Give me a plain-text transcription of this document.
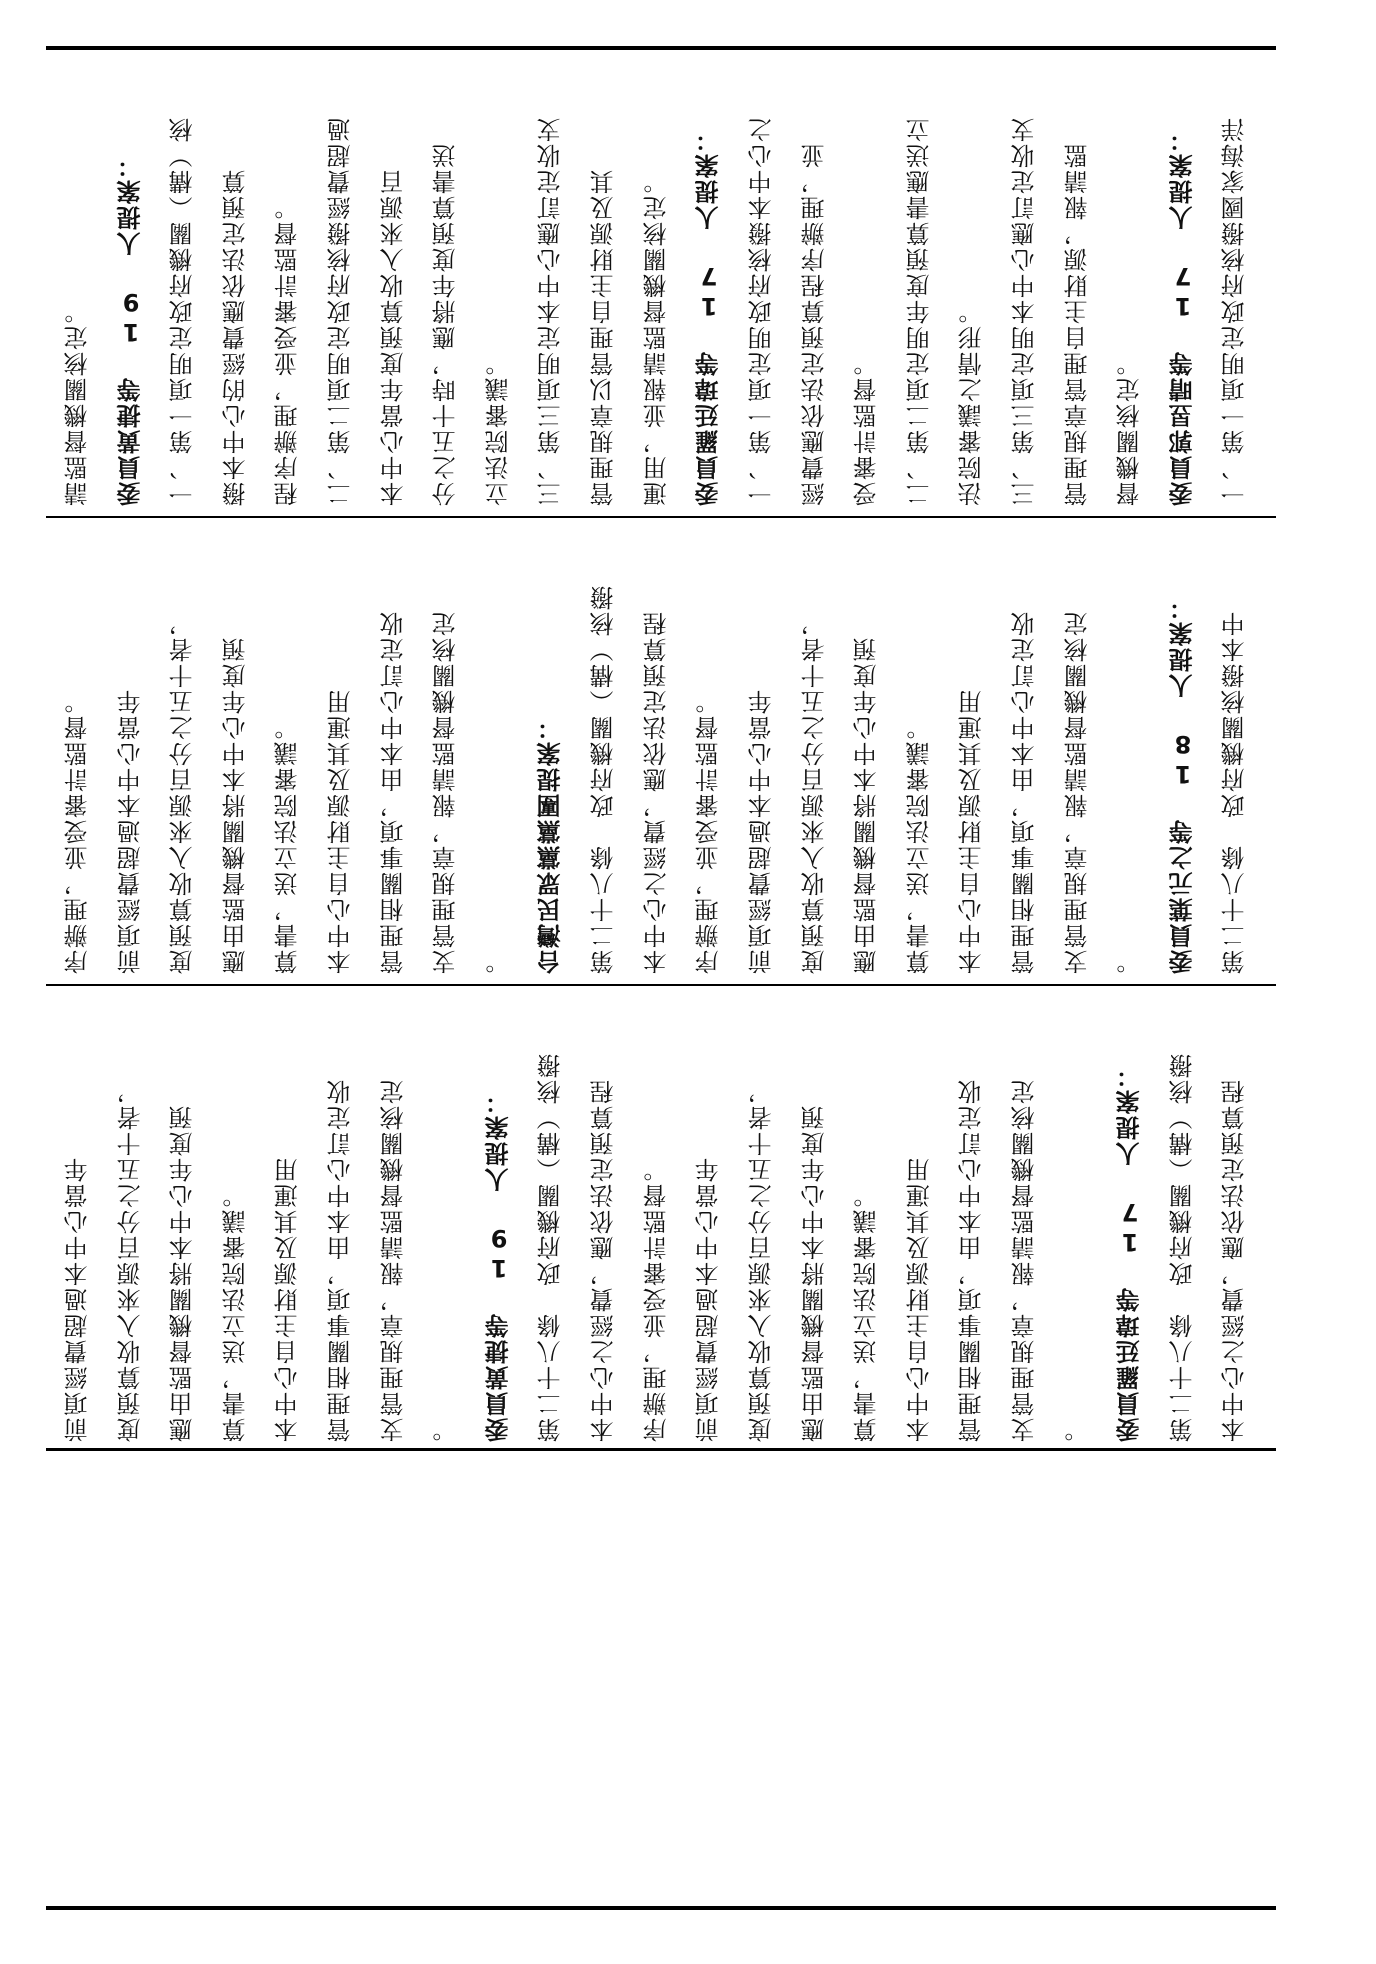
請監督機關核定。	委員黃捷等 19 人提案：	一、第一項明定政府機關（構）核	撥本中心的經費應依法定預算	程序辦理，並受審計監督。	二、第二項明定政府核撥經費超過	本中心當年度預算收入來源百	分之五十時，應將年度預算書送	立法院審議。	三、第三項明定本中心應訂定收支	管理規章以管理自主財源及其	運用，並報請監督機關核定。	委員羅廷瑋等 17 人提案：	一、第一項定明政府核撥本中心之	經費應依法定預算程序辦理，並	受審計監督。	二、第二項定明年度預算書應送立	法院審議之情形。	三、第三項定明本中心應訂定收支	管理規章管理自主財源，報請監	督機關核定。	委員郭昱晴等 17 人提案：	一、第一項明定政府核撥國家海洋
序辦理，並受審計監督。	前項經費超過本中心當年	度預算收入來源百分之五十者，	應由監督機關將本中心年度預	算書，送立法院審議。	本中心自主財源及其運用	管理相關事項，由本中心訂定收	支管理規章，報請監督機關核定	。	台灣民眾黨黨團提案：	第二十八條　政府機關（構）核撥	本中心之經費，應依法定預算程	序辦理，並受審計監督。	前項經費超過本中心當年	度預算收入來源百分之五十者，	應由監督機關將本中心年度預	算書，送立法院審議。	本中心自主財源及其運用	管理相關事項，由本中心訂定收	支管理規章，報請監督機關核定	。	委員葉元之等 18 人提案：	第二十八條　政府機關核撥本中
前項經費超過本中心當年	度預算收入來源百分之五十者，	應由監督機關將本中心年度預	算書，送立法院審議。	本中心自主財源及其運用	管理相關事項，由本中心訂定收	支管理規章，報請監督機關核定	。	委員黃捷等 19 人提案：	第二十八條　政府機關（構）核撥	本中心之經費，應依法定預算程	序辦理，並受審計監督。	前項經費超過本中心當年	度預算收入來源百分之五十者，	應由監督機關將本中心年度預	算書，送立法院審議。	本中心自主財源及其運用	管理相關事項，由本中心訂定收	支管理規章，報請監督機關核定	。	委員羅廷瑋等 17 人提案：	第二十八條　政府機關（構）核撥	本中心之經費，應依法定預算程
